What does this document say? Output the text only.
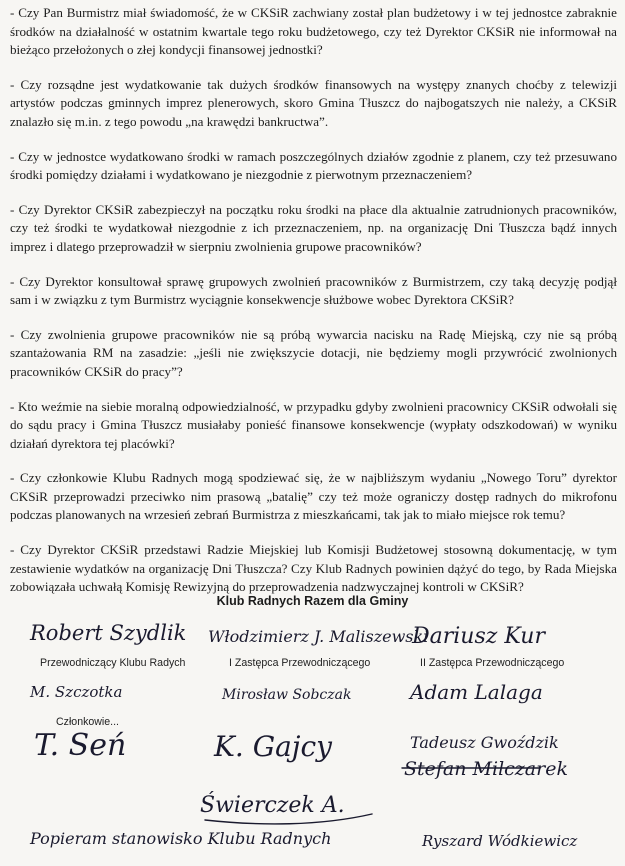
- Czy Pan Burmistrz miał świadomość, że w CKSiR zachwiany został plan budżetowy i w tej jednostce zabraknie środków na działalność w ostatnim kwartale tego roku budżetowego, czy też Dyrektor CKSiR nie informował na bieżąco przełożonych o złej kondycji finansowej jednostki?

- Czy rozsądne jest wydatkowanie tak dużych środków finansowych na występy znanych choćby z telewizji artystów podczas gminnych imprez plenerowych, skoro Gmina Tłuszcz do najbogatszych nie należy, a CKSiR znalazło się m.in. z tego powodu „na krawędzi bankructwa”.

- Czy w jednostce wydatkowano środki w ramach poszczególnych działów zgodnie z planem, czy też przesuwano środki pomiędzy działami i wydatkowano je niezgodnie z pierwotnym przeznaczeniem?

- Czy Dyrektor CKSiR zabezpieczył na początku roku środki na płace dla aktualnie zatrudnionych pracowników, czy też środki te wydatkował niezgodnie z ich przeznaczeniem, np. na organizację Dni Tłuszcza bądź innych imprez i dlatego przeprowadził w sierpniu zwolnienia grupowe pracowników?

- Czy Dyrektor konsultował sprawę grupowych zwolnień pracowników z Burmistrzem, czy taką decyzję podjął sam i w związku z tym Burmistrz wyciągnie konsekwencje służbowe wobec Dyrektora CKSiR?

- Czy zwolnienia grupowe pracowników nie są próbą wywarcia nacisku na Radę Miejską, czy nie są próbą szantażowania RM na zasadzie: „jeśli nie zwiększycie dotacji, nie będziemy mogli przywrócić zwolnionych pracowników CKSiR do pracy”?

- Kto weźmie na siebie moralną odpowiedzialność, w przypadku gdyby zwolnieni pracownicy CKSiR odwołali się do sądu pracy i Gmina Tłuszcz musiałaby ponieść finansowe konsekwencje (wypłaty odszkodowań) w wyniku działań dyrektora tej placówki?

- Czy członkowie Klubu Radnych mogą spodziewać się, że w najbliższym wydaniu „Nowego Toru” dyrektor CKSiR przeprowadzi przeciwko nim prasową „batalię” czy też może ograniczy dostęp radnych do mikrofonu podczas planowanych na wrzesień zebrań Burmistrza z mieszkańcami, tak jak to miało miejsce rok temu?

- Czy Dyrektor CKSiR przedstawi Radzie Miejskiej lub Komisji Budżetowej stosowną dokumentację, w tym zestawienie wydatków na organizację Dni Tłuszcza? Czy Klub Radnych powinien dążyć do tego, by Rada Miejska zobowiązała uchwałą Komisję Rewizyjną do przeprowadzenia nadzwyczajnej kontroli w CKSiR?

Klub Radnych Razem dla Gminy
Przewodniczący Klubu Radych	I Zastępca Przewodniczącego	II Zastępca Przewodniczącego
Członkowie...
Robert Szydlik Włodzimierz J. Maliszewski
Dariusz Kur
M. Szczotka	Mirosław Sobczak	Adam Lalaga
T. Seń	K. Gajcy	Tadeusz Gwoździk
Stefan Milczarek
Świerczek A.
Popieram stanowisko Klubu Radnych	Ryszard Wódkiewicz
